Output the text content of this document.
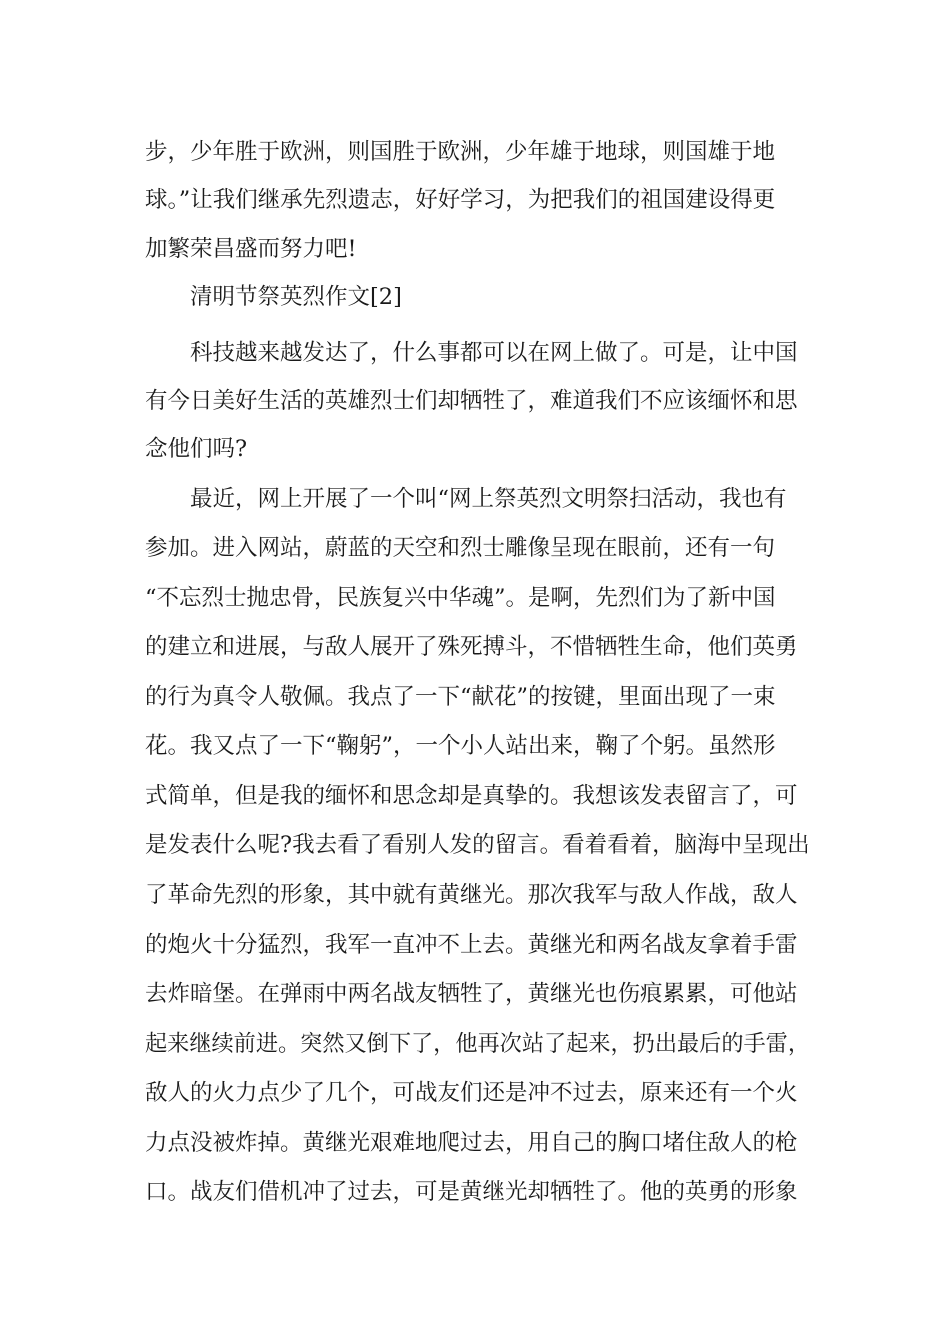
步，少年胜于欧洲，则国胜于欧洲，少年雄于地球，则国雄于地
球。”让我们继承先烈遗志，好好学习，为把我们的祖国建设得更
加繁荣昌盛而努力吧!
清明节祭英烈作文[2]
科技越来越发达了，什么事都可以在网上做了。可是，让中国
有今日美好生活的英雄烈士们却牺牲了，难道我们不应该缅怀和思
念他们吗?
最近，网上开展了一个叫“网上祭英烈文明祭扫活动，我也有
参加。进入网站，蔚蓝的天空和烈士雕像呈现在眼前，还有一句
“不忘烈士抛忠骨，民族复兴中华魂”。是啊，先烈们为了新中国
的建立和进展，与敌人展开了殊死搏斗，不惜牺牲生命，他们英勇
的行为真令人敬佩。我点了一下“献花”的按键，里面出现了一束
花。我又点了一下“鞠躬”，一个小人站出来，鞠了个躬。虽然形
式简单，但是我的缅怀和思念却是真挚的。我想该发表留言了，可
是发表什么呢?我去看了看别人发的留言。看着看着，脑海中呈现出
了革命先烈的形象，其中就有黄继光。那次我军与敌人作战，敌人
的炮火十分猛烈，我军一直冲不上去。黄继光和两名战友拿着手雷
去炸暗堡。在弹雨中两名战友牺牲了，黄继光也伤痕累累，可他站
起来继续前进。突然又倒下了，他再次站了起来，扔出最后的手雷，
敌人的火力点少了几个，可战友们还是冲不过去，原来还有一个火
力点没被炸掉。黄继光艰难地爬过去，用自己的胸口堵住敌人的枪
口。战友们借机冲了过去，可是黄继光却牺牲了。他的英勇的形象
